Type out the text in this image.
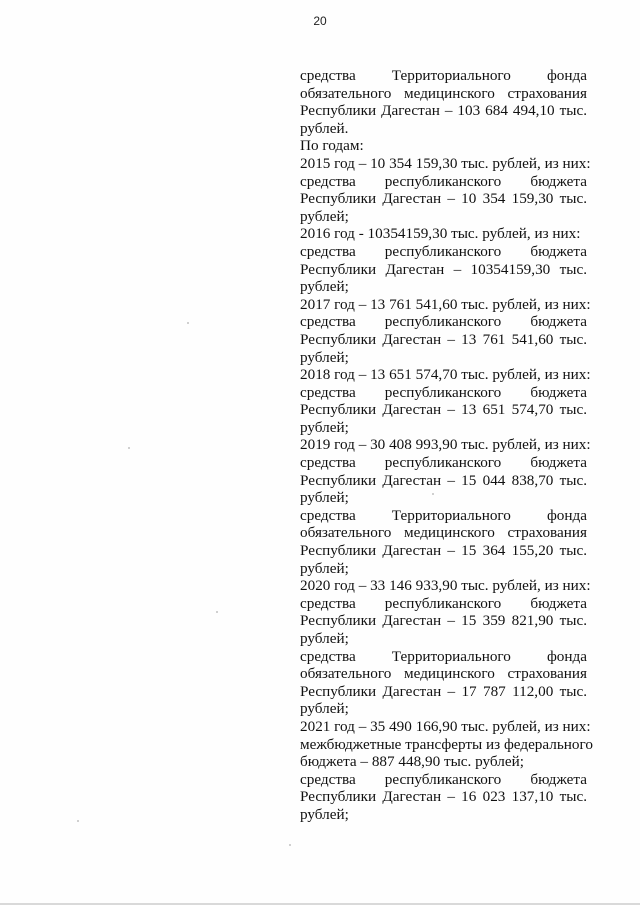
20
средства Территориального фонда
обязательного медицинского страхования
Республики Дагестан – 103 684 494,10 тыс.
рублей.
По годам:
2015 год – 10 354 159,30 тыс. рублей, из них:
средства республиканского бюджета
Республики Дагестан – 10 354 159,30 тыс.
рублей;
2016 год - 10354159,30 тыс. рублей, из них:
средства республиканского бюджета
Республики Дагестан – 10354159,30 тыс.
рублей;
2017 год – 13 761 541,60 тыс. рублей, из них:
средства республиканского бюджета
Республики Дагестан – 13 761 541,60 тыс.
рублей;
2018 год – 13 651 574,70 тыс. рублей, из них:
средства республиканского бюджета
Республики Дагестан – 13 651 574,70 тыс.
рублей;
2019 год – 30 408 993,90 тыс. рублей, из них:
средства республиканского бюджета
Республики Дагестан – 15 044 838,70 тыс.
рублей;
средства Территориального фонда
обязательного медицинского страхования
Республики Дагестан – 15 364 155,20 тыс.
рублей;
2020 год – 33 146 933,90 тыс. рублей, из них:
средства республиканского бюджета
Республики Дагестан – 15 359 821,90 тыс.
рублей;
средства Территориального фонда
обязательного медицинского страхования
Республики Дагестан – 17 787 112,00 тыс.
рублей;
2021 год – 35 490 166,90 тыс. рублей, из них:
межбюджетные трансферты из федерального
бюджета – 887 448,90 тыс. рублей;
средства республиканского бюджета
Республики Дагестан – 16 023 137,10 тыс.
рублей;
